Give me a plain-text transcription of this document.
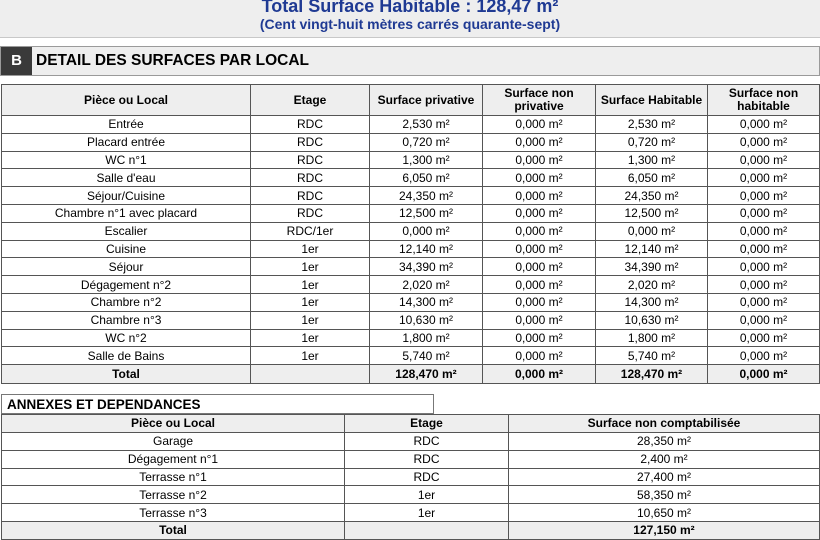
Total Surface Habitable : 128,47 m²
(Cent vingt-huit mètres carrés quarante-sept)
B DETAIL DES SURFACES PAR LOCAL
Pièce ou Local	Etage	Surface privative	Surface non privative	Surface Habitable	Surface non habitable
Entrée	RDC	2,530 m²	0,000 m²	2,530 m²	0,000 m²
Placard entrée	RDC	0,720 m²	0,000 m²	0,720 m²	0,000 m²
WC n°1	RDC	1,300 m²	0,000 m²	1,300 m²	0,000 m²
Salle d'eau	RDC	6,050 m²	0,000 m²	6,050 m²	0,000 m²
Séjour/Cuisine	RDC	24,350 m²	0,000 m²	24,350 m²	0,000 m²
Chambre n°1 avec placard	RDC	12,500 m²	0,000 m²	12,500 m²	0,000 m²
Escalier	RDC/1er	0,000 m²	0,000 m²	0,000 m²	0,000 m²
Cuisine	1er	12,140 m²	0,000 m²	12,140 m²	0,000 m²
Séjour	1er	34,390 m²	0,000 m²	34,390 m²	0,000 m²
Dégagement n°2	1er	2,020 m²	0,000 m²	2,020 m²	0,000 m²
Chambre n°2	1er	14,300 m²	0,000 m²	14,300 m²	0,000 m²
Chambre n°3	1er	10,630 m²	0,000 m²	10,630 m²	0,000 m²
WC n°2	1er	1,800 m²	0,000 m²	1,800 m²	0,000 m²
Salle de Bains	1er	5,740 m²	0,000 m²	5,740 m²	0,000 m²
Total		128,470 m²	0,000 m²	128,470 m²	0,000 m²
ANNEXES ET DEPENDANCES
Pièce ou Local	Etage	Surface non comptabilisée
Garage	RDC	28,350 m²
Dégagement n°1	RDC	2,400 m²
Terrasse n°1	RDC	27,400 m²
Terrasse n°2	1er	58,350 m²
Terrasse n°3	1er	10,650 m²
Total		127,150 m²
